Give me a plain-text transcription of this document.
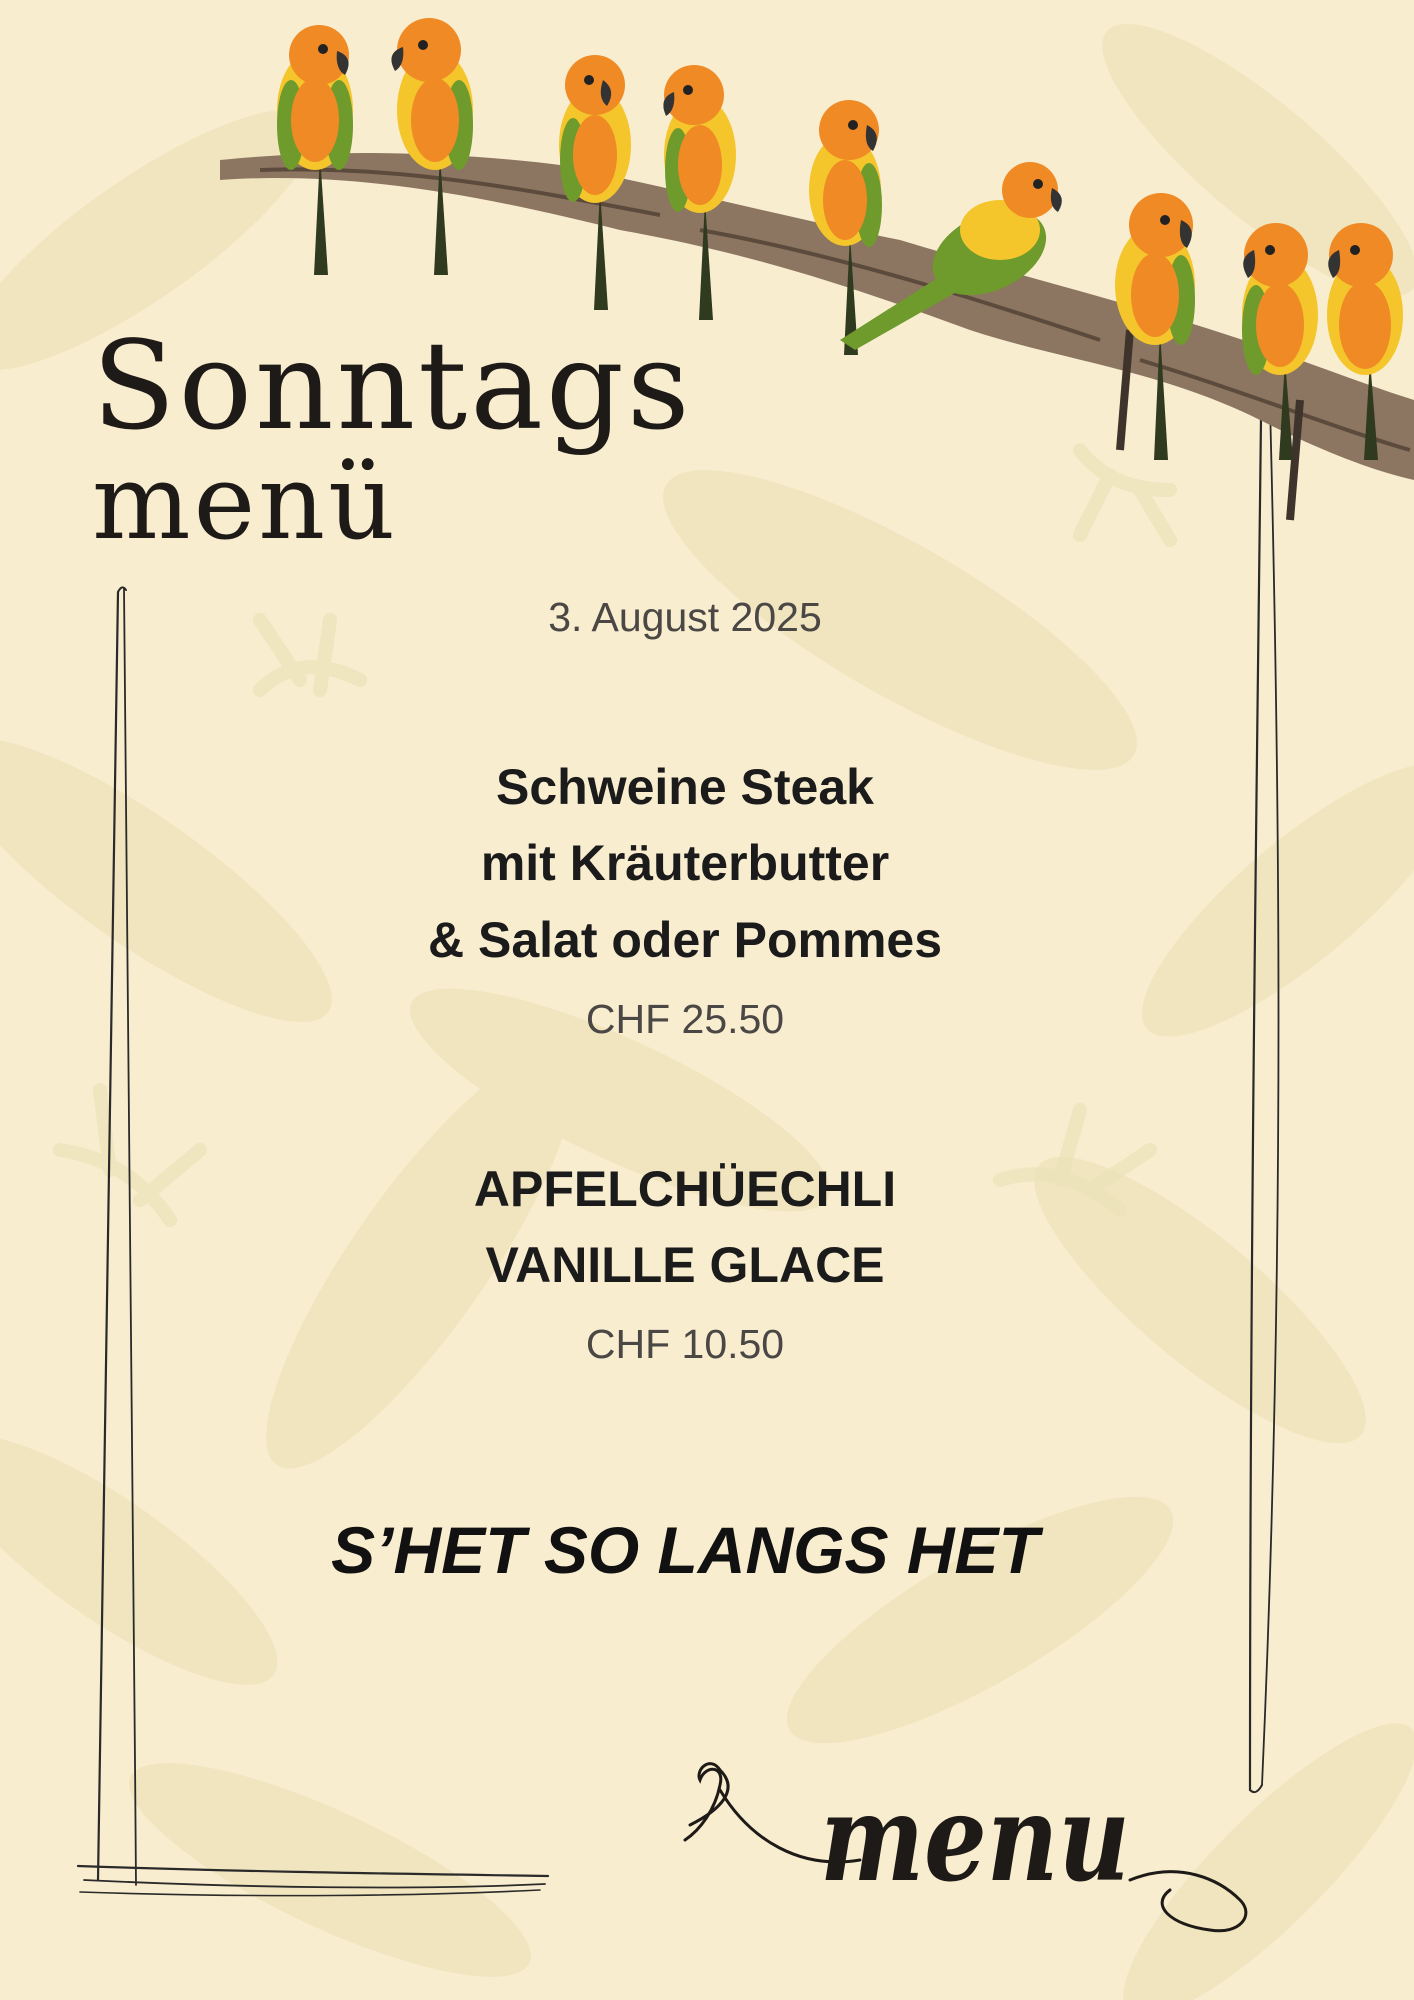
Sonntags
menü

3. August 2025

Schweine Steak

mit Kräuterbutter

& Salat oder Pommes

CHF 25.50

APFELCHÜECHLI

VANILLE GLACE

CHF 10.50

S’HET SO LANGS HET

menu
